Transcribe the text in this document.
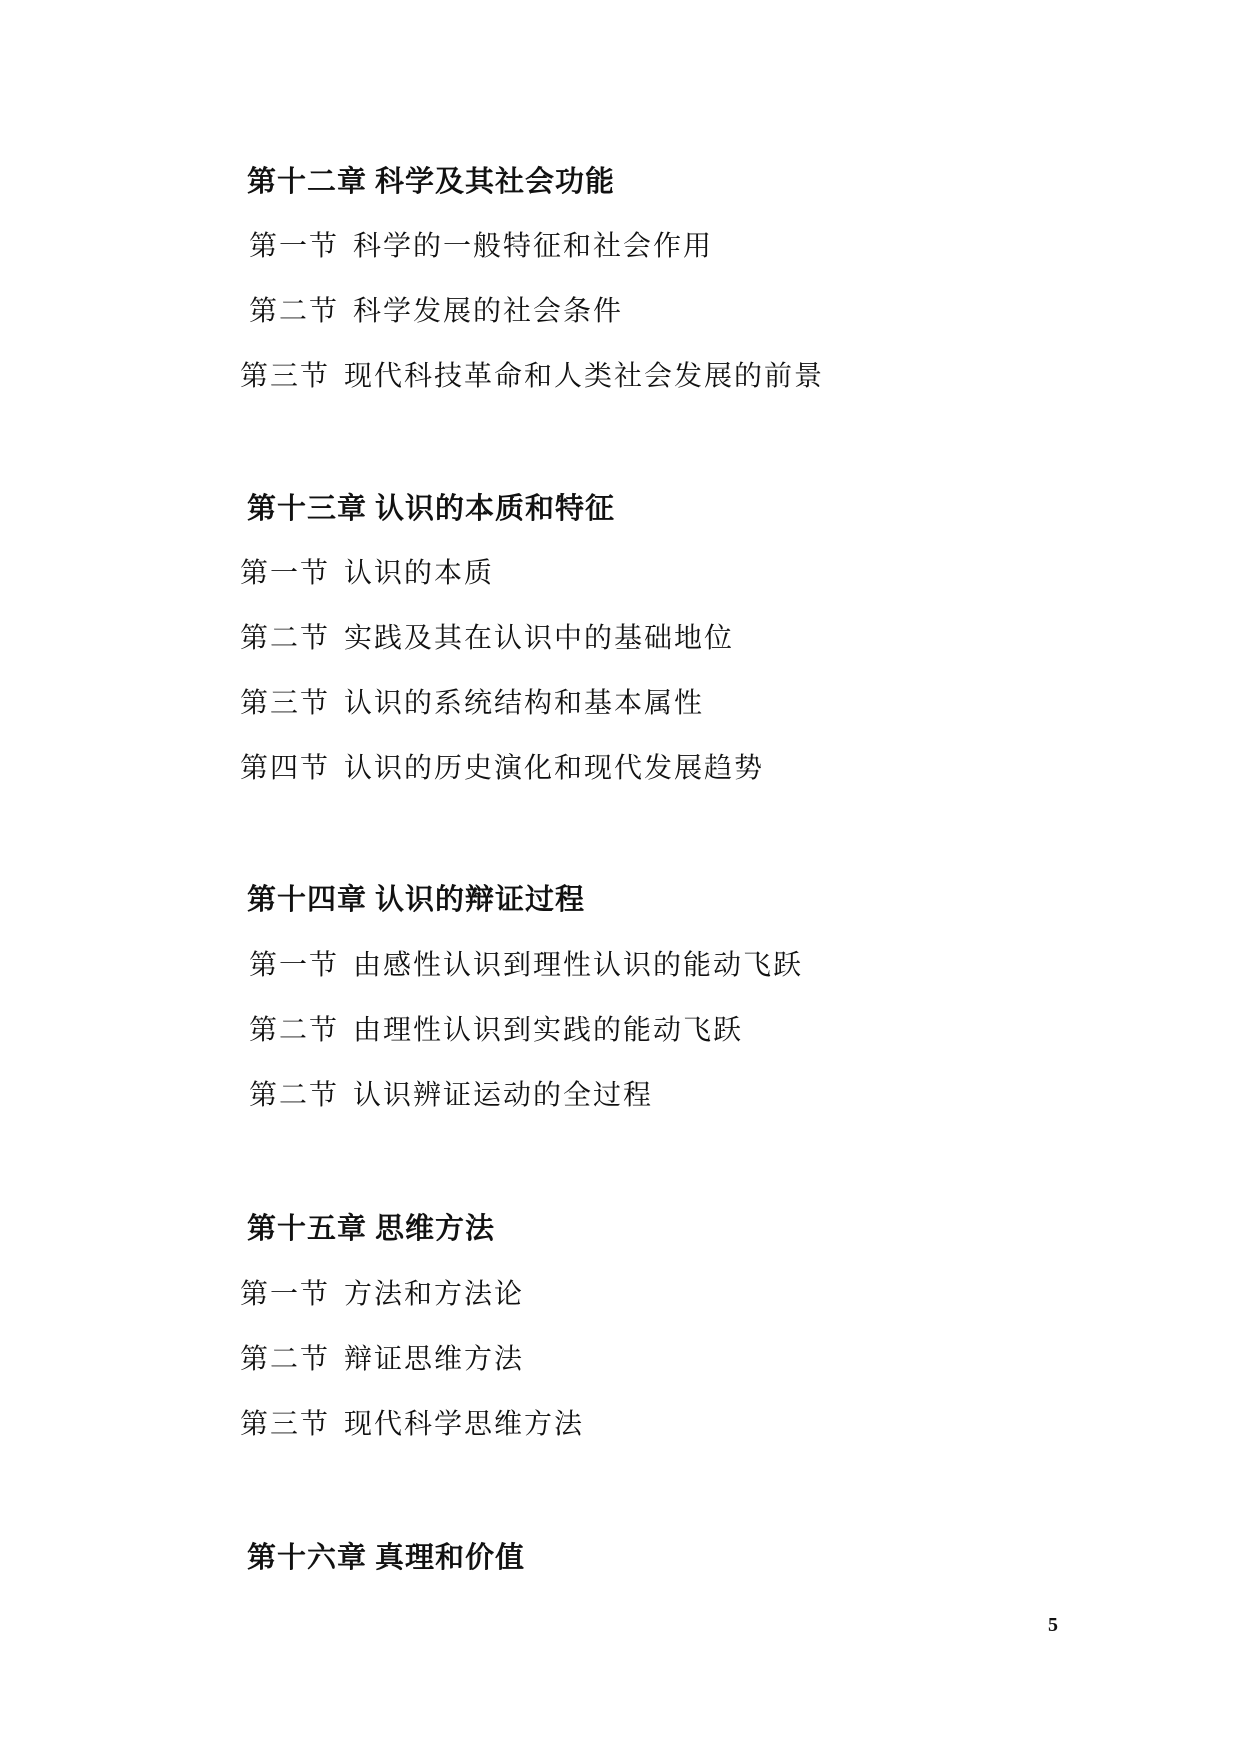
第十二章 科学及其社会功能
第一节 科学的一般特征和社会作用
第二节 科学发展的社会条件
第三节 现代科技革命和人类社会发展的前景
第十三章 认识的本质和特征
第一节 认识的本质
第二节 实践及其在认识中的基础地位
第三节 认识的系统结构和基本属性
第四节 认识的历史演化和现代发展趋势
第十四章 认识的辩证过程
第一节 由感性认识到理性认识的能动飞跃
第二节 由理性认识到实践的能动飞跃
第二节 认识辨证运动的全过程
第十五章 思维方法
第一节 方法和方法论
第二节 辩证思维方法
第三节 现代科学思维方法
第十六章 真理和价值
5
